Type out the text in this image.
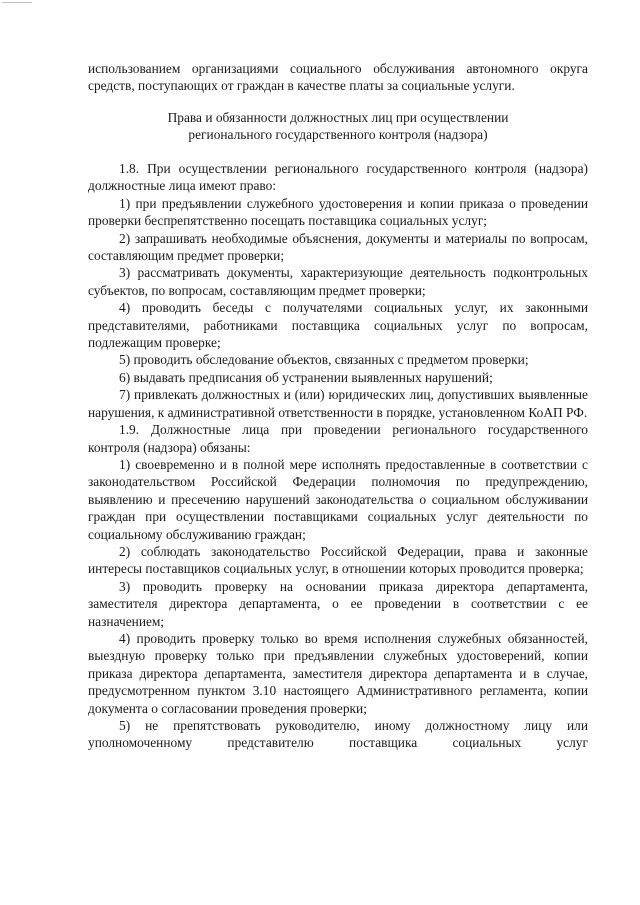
использованием организациями социального обслуживания автономного округа средств, поступающих от граждан в качестве платы за социальные услуги.

Права и обязанности должностных лиц при осуществлении
регионального государственного контроля (надзора)

1.8. При осуществлении регионального государственного контроля (надзора) должностные лица имеют право:

1) при предъявлении служебного удостоверения и копии приказа о проведении проверки беспрепятственно посещать поставщика социальных услуг;

2) запрашивать необходимые объяснения, документы и материалы по вопросам, составляющим предмет проверки;

3) рассматривать документы, характеризующие деятельность подконтрольных субъектов, по вопросам, составляющим предмет проверки;

4) проводить беседы с получателями социальных услуг, их законными представителями, работниками поставщика социальных услуг по вопросам, подлежащим проверке;

5) проводить обследование объектов, связанных с предметом проверки;

6) выдавать предписания об устранении выявленных нарушений;

7) привлекать должностных и (или) юридических лиц, допустивших выявленные нарушения, к административной ответственности в порядке, установленном КоАП РФ.

1.9. Должностные лица при проведении регионального государственного контроля (надзора) обязаны:

1) своевременно и в полной мере исполнять предоставленные в соответствии с законодательством Российской Федерации полномочия по предупреждению, выявлению и пресечению нарушений законодательства о социальном обслуживании граждан при осуществлении поставщиками социальных услуг деятельности по социальному обслуживанию граждан;

2) соблюдать законодательство Российской Федерации, права и законные интересы поставщиков социальных услуг, в отношении которых проводится проверка;

3) проводить проверку на основании приказа директора департамента, заместителя директора департамента, о ее проведении в соответствии с ее назначением;

4) проводить проверку только во время исполнения служебных обязанностей, выездную проверку только при предъявлении служебных удостоверений, копии приказа директора департамента, заместителя директора департамента и в случае, предусмотренном пунктом 3.10 настоящего Административного регламента, копии документа о согласовании проведения проверки;

5) не препятствовать руководителю, иному должностному лицу или уполномоченному представителю поставщика социальных услуг
